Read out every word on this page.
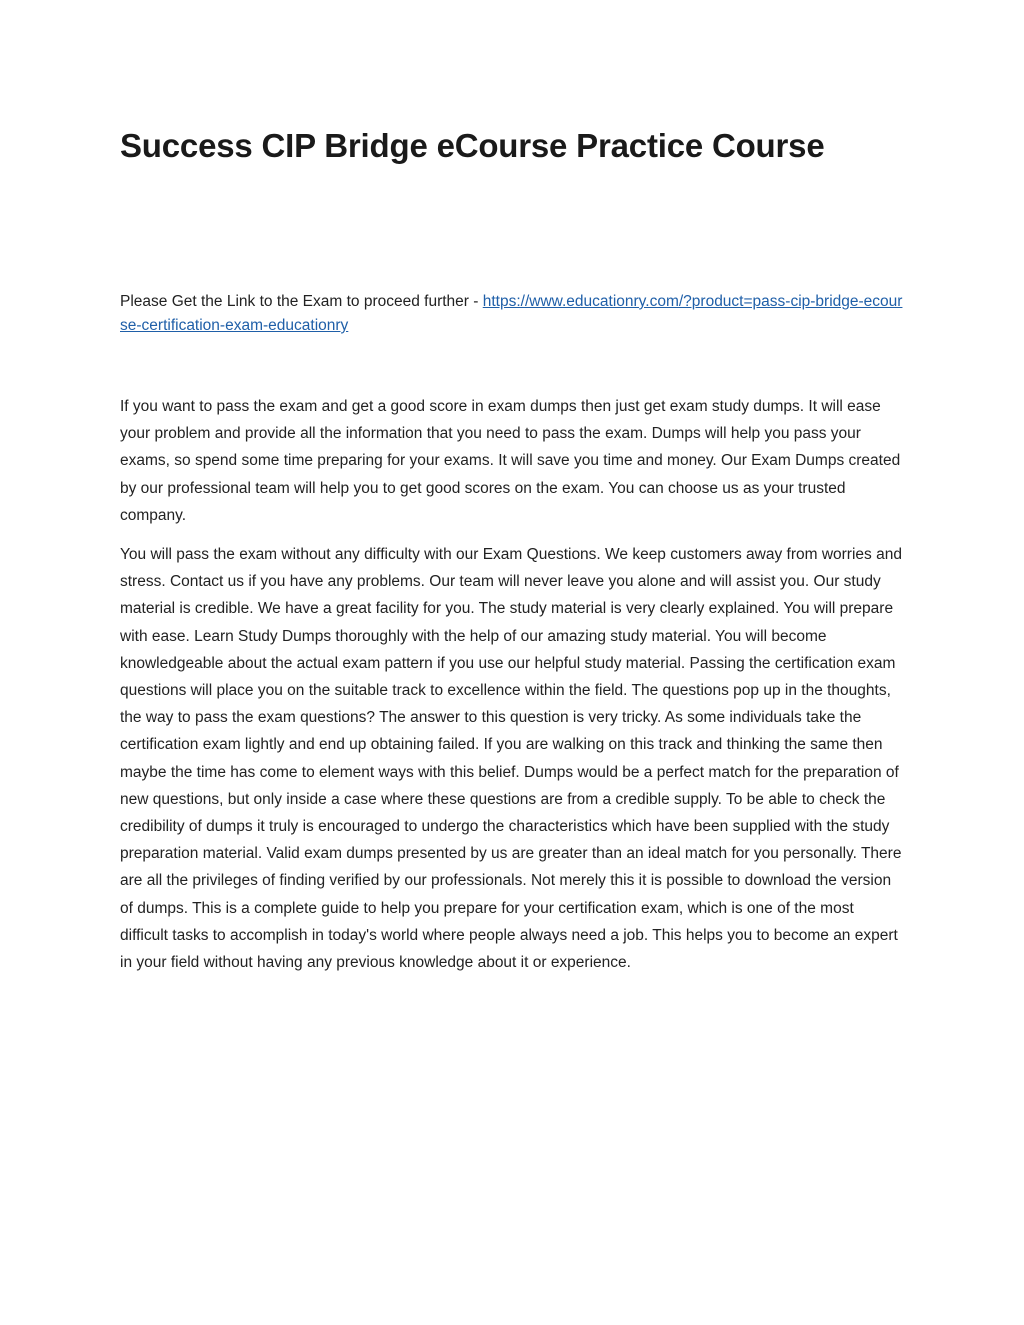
Success CIP Bridge eCourse Practice Course

Please Get the Link to the Exam to proceed further - https://www.educationry.com/?product=pass-cip-bridge-ecourse-certification-exam-educationry

If you want to pass the exam and get a good score in exam dumps then just get exam study dumps. It will ease your problem and provide all the information that you need to pass the exam. Dumps will help you pass your exams, so spend some time preparing for your exams. It will save you time and money. Our Exam Dumps created by our professional team will help you to get good scores on the exam. You can choose us as your trusted company.

You will pass the exam without any difficulty with our Exam Questions. We keep customers away from worries and stress. Contact us if you have any problems. Our team will never leave you alone and will assist you. Our study material is credible. We have a great facility for you. The study material is very clearly explained. You will prepare with ease. Learn Study Dumps thoroughly with the help of our amazing study material. You will become knowledgeable about the actual exam pattern if you use our helpful study material. Passing the certification exam questions will place you on the suitable track to excellence within the field. The questions pop up in the thoughts, the way to pass the exam questions? The answer to this question is very tricky. As some individuals take the certification exam lightly and end up obtaining failed. If you are walking on this track and thinking the same then maybe the time has come to element ways with this belief. Dumps would be a perfect match for the preparation of new questions, but only inside a case where these questions are from a credible supply. To be able to check the credibility of dumps it truly is encouraged to undergo the characteristics which have been supplied with the study preparation material. Valid exam dumps presented by us are greater than an ideal match for you personally. There are all the privileges of finding verified by our professionals. Not merely this it is possible to download the version of dumps. This is a complete guide to help you prepare for your certification exam, which is one of the most difficult tasks to accomplish in today's world where people always need a job. This helps you to become an expert in your field without having any previous knowledge about it or experience.
